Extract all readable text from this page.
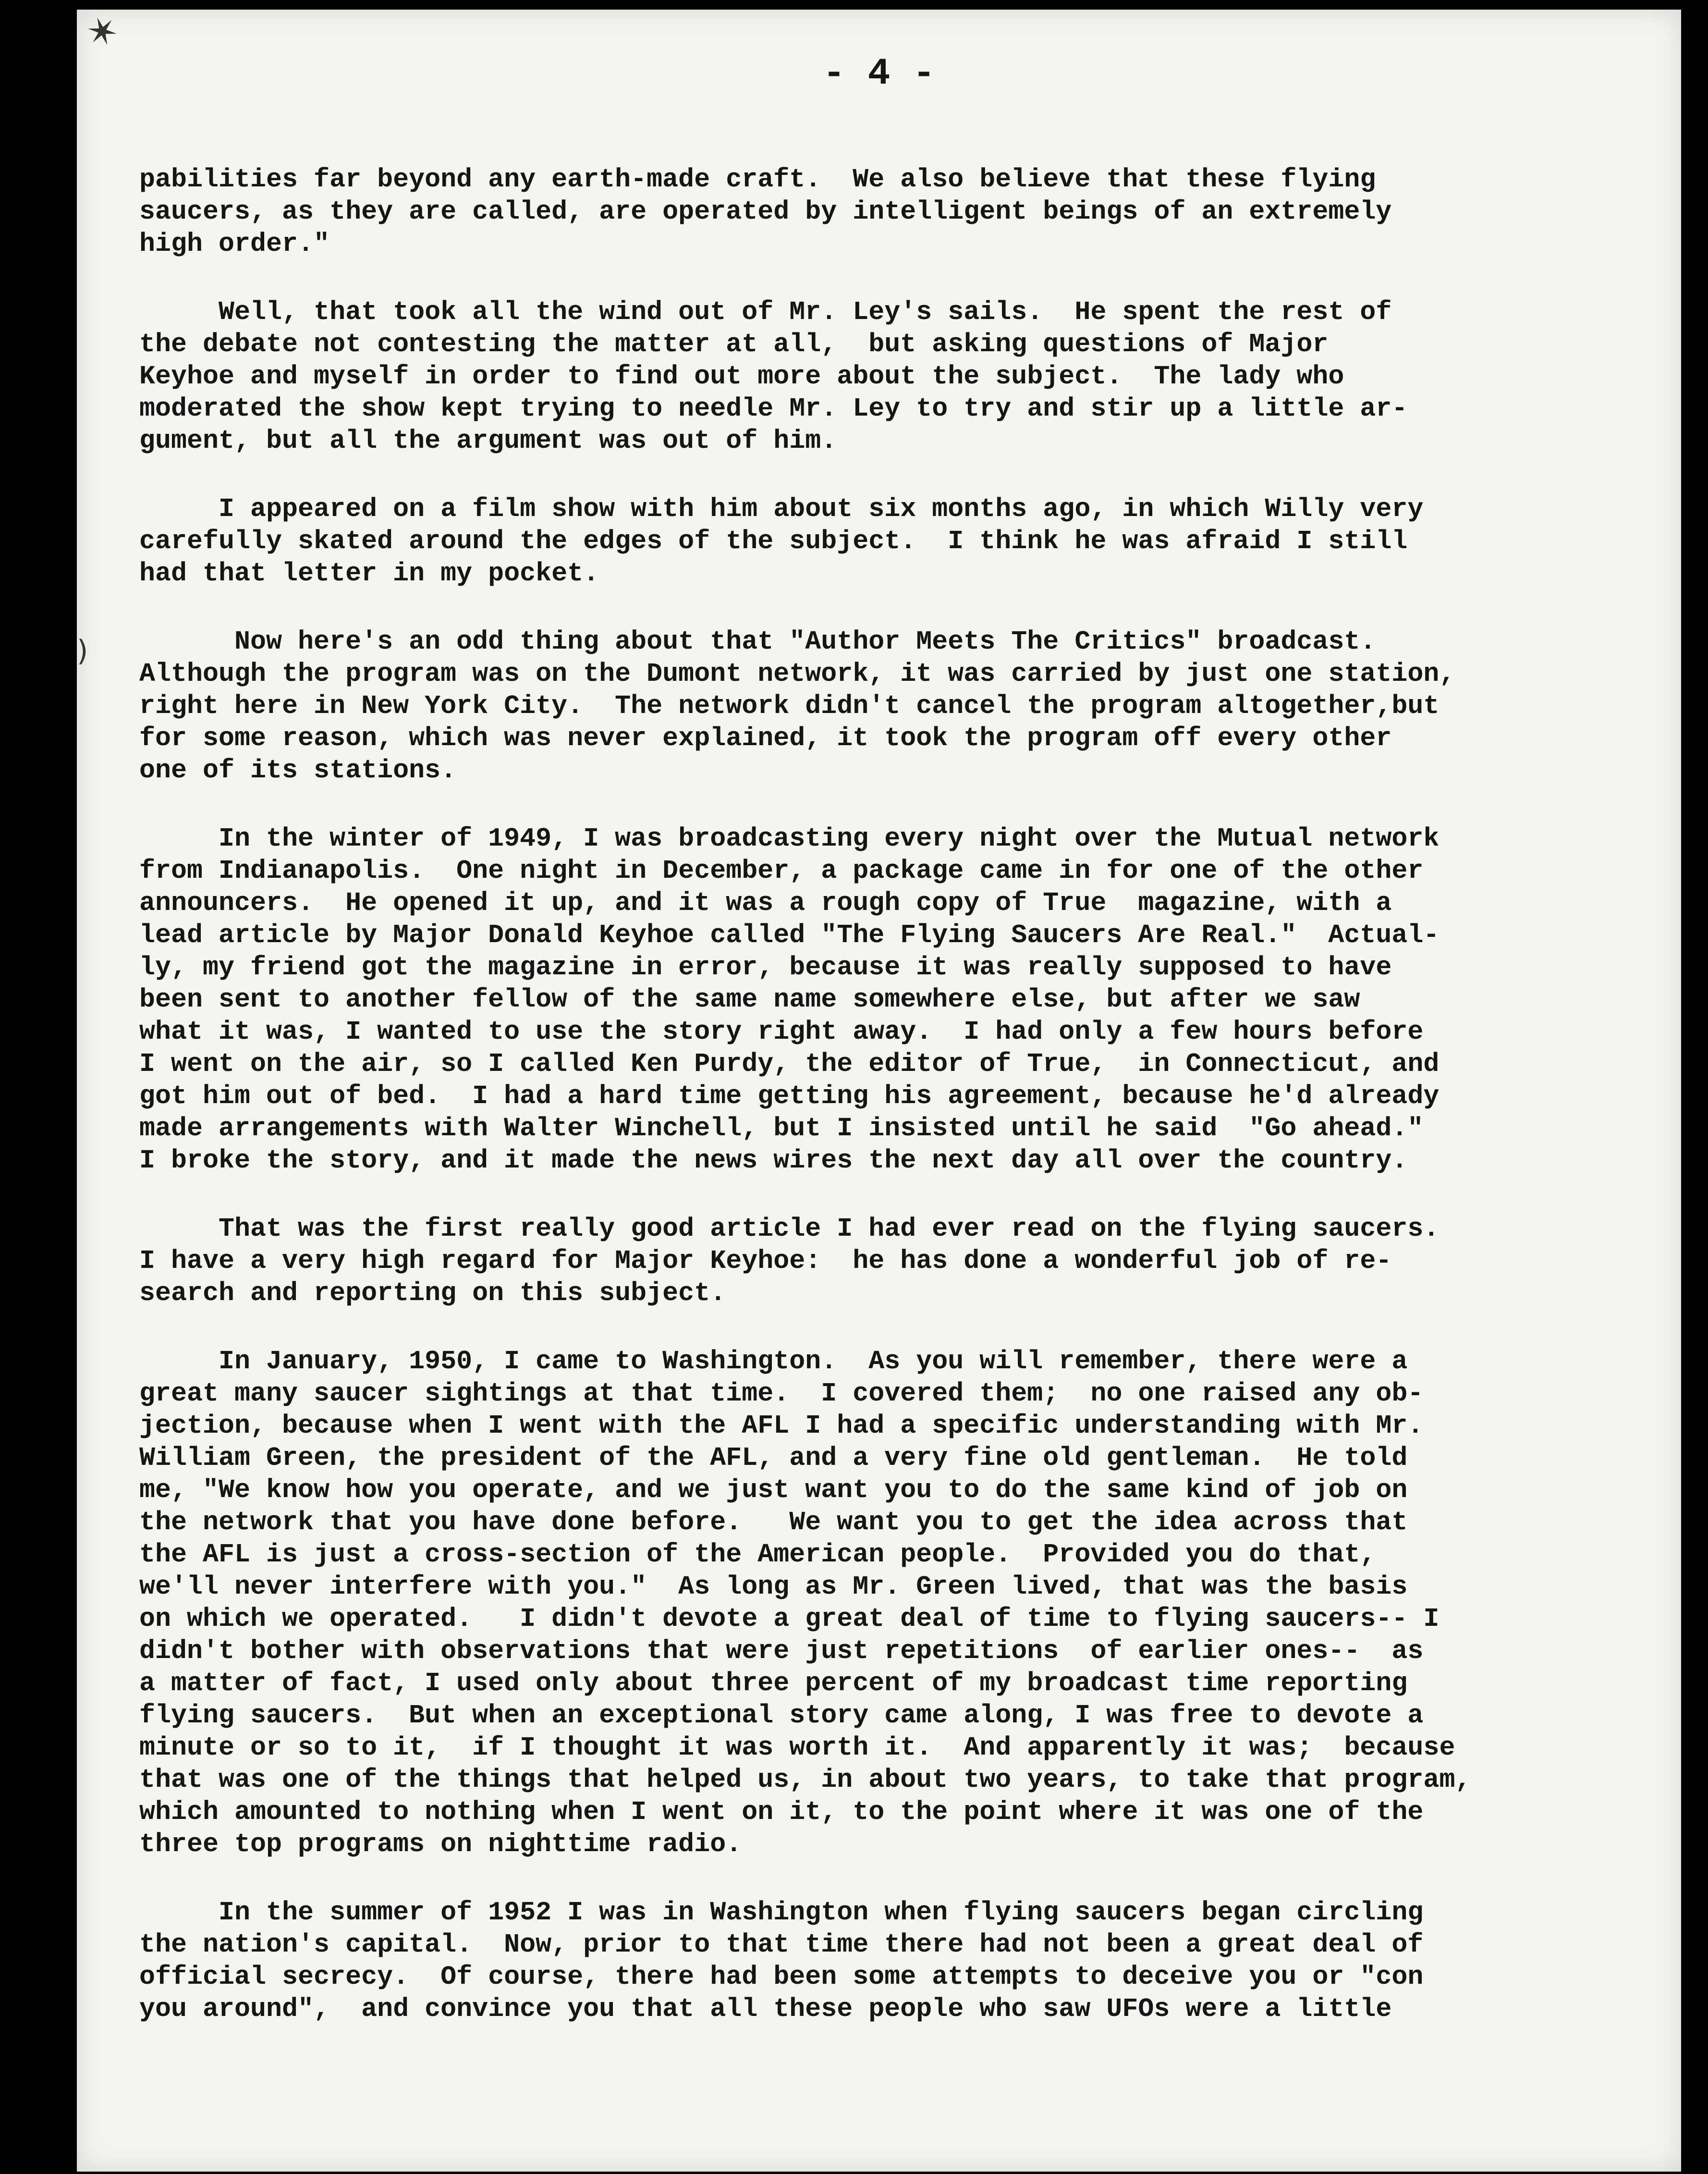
✶
)
- 4 -
pabilities far beyond any earth-made craft.  We also believe that these flying
saucers, as they are called, are operated by intelligent beings of an extremely
high order."
Well, that took all the wind out of Mr. Ley's sails.  He spent the rest of
the debate not contesting the matter at all,  but asking questions of Major
Keyhoe and myself in order to find out more about the subject.  The lady who
moderated the show kept trying to needle Mr. Ley to try and stir up a little ar-
gument, but all the argument was out of him.
I appeared on a film show with him about six months ago, in which Willy very
carefully skated around the edges of the subject.  I think he was afraid I still
had that letter in my pocket.
Now here's an odd thing about that "Author Meets The Critics" broadcast.
Although the program was on the Dumont network, it was carried by just one station,
right here in New York City.  The network didn't cancel the program altogether,but
for some reason, which was never explained, it took the program off every other
one of its stations.
In the winter of 1949, I was broadcasting every night over the Mutual network
from Indianapolis.  One night in December, a package came in for one of the other
announcers.  He opened it up, and it was a rough copy of True  magazine, with a
lead article by Major Donald Keyhoe called "The Flying Saucers Are Real."  Actual-
ly, my friend got the magazine in error, because it was really supposed to have
been sent to another fellow of the same name somewhere else, but after we saw
what it was, I wanted to use the story right away.  I had only a few hours before
I went on the air, so I called Ken Purdy, the editor of True,  in Connecticut, and
got him out of bed.  I had a hard time getting his agreement, because he'd already
made arrangements with Walter Winchell, but I insisted until he said  "Go ahead."
I broke the story, and it made the news wires the next day all over the country.
That was the first really good article I had ever read on the flying saucers.
I have a very high regard for Major Keyhoe:  he has done a wonderful job of re-
search and reporting on this subject.
In January, 1950, I came to Washington.  As you will remember, there were a
great many saucer sightings at that time.  I covered them;  no one raised any ob-
jection, because when I went with the AFL I had a specific understanding with Mr.
William Green, the president of the AFL, and a very fine old gentleman.  He told
me, "We know how you operate, and we just want you to do the same kind of job on
the network that you have done before.   We want you to get the idea across that
the AFL is just a cross-section of the American people.  Provided you do that,
we'll never interfere with you."  As long as Mr. Green lived, that was the basis
on which we operated.   I didn't devote a great deal of time to flying saucers-- I
didn't bother with observations that were just repetitions  of earlier ones--  as
a matter of fact, I used only about three percent of my broadcast time reporting
flying saucers.  But when an exceptional story came along, I was free to devote a
minute or so to it,  if I thought it was worth it.  And apparently it was;  because
that was one of the things that helped us, in about two years, to take that program,
which amounted to nothing when I went on it, to the point where it was one of the
three top programs on nighttime radio.
In the summer of 1952 I was in Washington when flying saucers began circling
the nation's capital.  Now, prior to that time there had not been a great deal of
official secrecy.  Of course, there had been some attempts to deceive you or "con
you around",  and convince you that all these people who saw UFOs were a little
